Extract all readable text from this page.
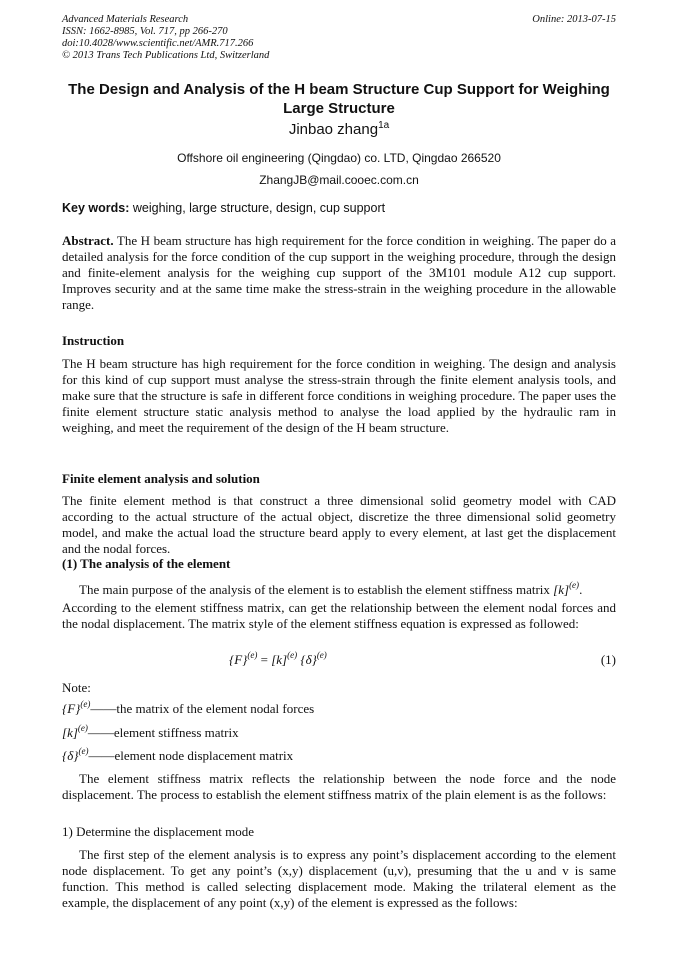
Advanced Materials Research
ISSN: 1662-8985, Vol. 717, pp 266-270
doi:10.4028/www.scientific.net/AMR.717.266
© 2013 Trans Tech Publications Ltd, Switzerland
Online: 2013-07-15
The Design and Analysis of the H beam Structure Cup Support for Weighing Large Structure
Jinbao zhang$^{1a}$
Offshore oil engineering (Qingdao) co. LTD, Qingdao 266520
ZhangJB@mail.cooec.com.cn
Key words: weighing, large structure, design, cup support
Abstract. The H beam structure has high requirement for the force condition in weighing. The paper do a detailed analysis for the force condition of the cup support in the weighing procedure, through the design and finite-element analysis for the weighing cup support of the 3M101 module A12 cup support. Improves security and at the same time make the stress-strain in the weighing procedure in the allowable range.
Instruction
The H beam structure has high requirement for the force condition in weighing. The design and analysis for this kind of cup support must analyse the stress-strain through the finite element analysis tools, and make sure that the structure is safe in different force conditions in weighing procedure. The paper uses the finite element structure static analysis method to analyse the load applied by the hydraulic ram in weighing, and meet the requirement of the design of the H beam structure.
Finite element analysis and solution
The finite element method is that construct a three dimensional solid geometry model with CAD according to the actual structure of the actual object, discretize the three dimensional solid geometry model, and make the actual load the structure beard apply to every element, at last get the displacement and the nodal forces.
(1) The analysis of the element
The main purpose of the analysis of the element is to establish the element stiffness matrix $[k]^{(e)}$.
According to the element stiffness matrix, can get the relationship between the element nodal forces and the nodal displacement. The matrix style of the element stiffness equation is expressed as followed:
$\{F\}^{(e)} = [k]^{(e)}$ $\{\delta\}^{(e)}$	(1)
Note:
$\{F\}^{(e)}——the$ matrix of the element nodal forces
$[k]^{(e)}——element$ stiffness matrix
$\{\delta\}^{(e)}——element$ node displacement matrix
The element stiffness matrix reflects the relationship between the node force and the node displacement. The process to establish the element stiffness matrix of the plain element is as the follows:
1) Determine the displacement mode
The first step of the element analysis is to express any point’s displacement according to the element node displacement. To get any point’s (x,y) displacement (u,v), presuming that the u and v is same function. This method is called selecting displacement mode. Making the trilateral element as the example, the displacement of any point (x,y) of the element is expressed as the follows:
